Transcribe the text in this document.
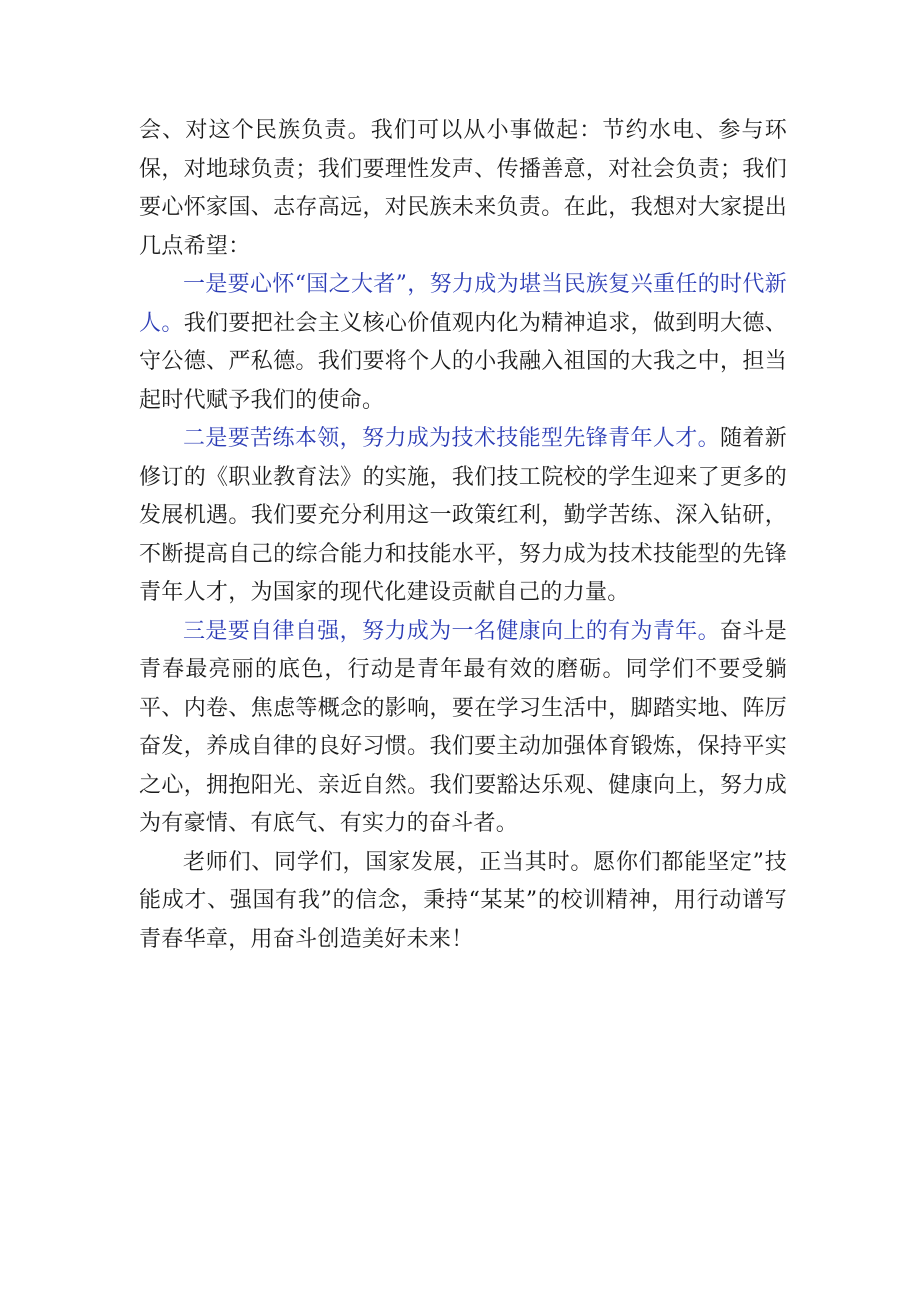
会、对这个民族负责。我们可以从小事做起：节约水电、参与环保，对地球负责；我们要理性发声、传播善意，对社会负责；我们要心怀家国、志存高远，对民族未来负责。在此，我想对大家提出几点希望：

一是要心怀“国之大者”，努力成为堪当民族复兴重任的时代新人。我们要把社会主义核心价值观内化为精神追求，做到明大德、守公德、严私德。我们要将个人的小我融入祖国的大我之中，担当起时代赋予我们的使命。

二是要苦练本领，努力成为技术技能型先锋青年人才。随着新修订的《职业教育法》的实施，我们技工院校的学生迎来了更多的发展机遇。我们要充分利用这一政策红利，勤学苦练、深入钻研，不断提高自己的综合能力和技能水平，努力成为技术技能型的先锋青年人才，为国家的现代化建设贡献自己的力量。

三是要自律自强，努力成为一名健康向上的有为青年。奋斗是青春最亮丽的底色，行动是青年最有效的磨砺。同学们不要受躺平、内卷、焦虑等概念的影响，要在学习生活中，脚踏实地、阵厉奋发，养成自律的良好习惯。我们要主动加强体育锻炼，保持平实之心，拥抱阳光、亲近自然。我们要豁达乐观、健康向上，努力成为有豪情、有底气、有实力的奋斗者。

老师们、同学们，国家发展，正当其时。愿你们都能坚定”技能成才、强国有我”的信念，秉持“某某”的校训精神，用行动谱写青春华章，用奋斗创造美好未来！
